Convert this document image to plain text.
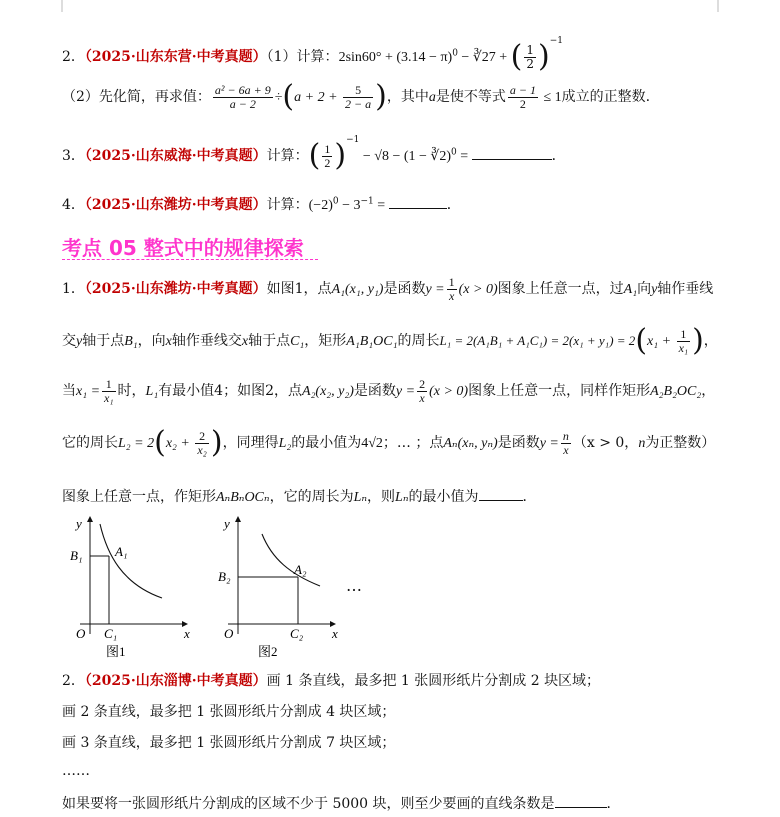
2．（2025·山东东营·中考真题）（1）计算：$2\sin 60^\circ + (3.14 - \pi)^0$ − ∛27 + ( $\frac{1}{2} )^{-1}$
（2）先化简，再求值： $\frac{\text{a² − 6a + 9}}{a - 2} \div(a + 2 + \frac{5}{2 - a}$ )，其中a是使不等式 $\frac{a - 1}{2} \le 1$成立的正整数.
3．（2025·山东威海·中考真题）计算：( $\frac{1}{2} )^{-1} - √8 - (1$ − ∛2)$^0$ =	．
4．（2025·山东潍坊·中考真题）计算：$(-2)^0 - 3^{-1}$ =	．
考点 05 整式中的规律探索
1．（2025·山东潍坊·中考真题）如图1，点A₁(x₁, y₁)是函数$y = \frac{1}{x} (x > 0)$图象上任意一点，过A₁向y轴作垂线
交y轴于点B₁，向x轴作垂线交x轴于点C₁，矩形A₁B₁OC₁的周长$L_1 = 2(A_1B_1 + A_1C_1) = 2(x_1 + y_1) = 2(x_1 + \frac{1}{\text{x₁}}$ )，
当$x_1 = \frac{1}{\text{x₁}}$ 时，L₁有最小值4；如图2，点A₂(x₂, y₂)是函数$y = \frac{2}{x} (x > 0)$图象上任意一点，同样作矩形A₂B₂OC₂，
它的周长$L_2 = 2(x_2 + \frac{2}{\text{x₂}}$ )，同理得L₂的最小值为4√2；… ；点Aₙ(xₙ, yₙ)是函数$y = \frac{n}{x} (x > 0$，n为正整数）
图象上任意一点，作矩形AₙBₙOCₙ，它的周长为Lₙ，则Lₙ的最小值为	．
y
x
O
B₁	A₁
C₁
图1
y
x
O
B₂	A₂
C₂
图2
…
2．（2025·山东淄博·中考真题）画 1 条直线，最多把 1 张圆形纸片分割成 2 块区域；
画 2 条直线，最多把 1 张圆形纸片分割成 4 块区域；
画 3 条直线，最多把 1 张圆形纸片分割成 7 块区域；
……
如果要将一张圆形纸片分割成的区域不少于 5000 块，则至少要画的直线条数是	．
